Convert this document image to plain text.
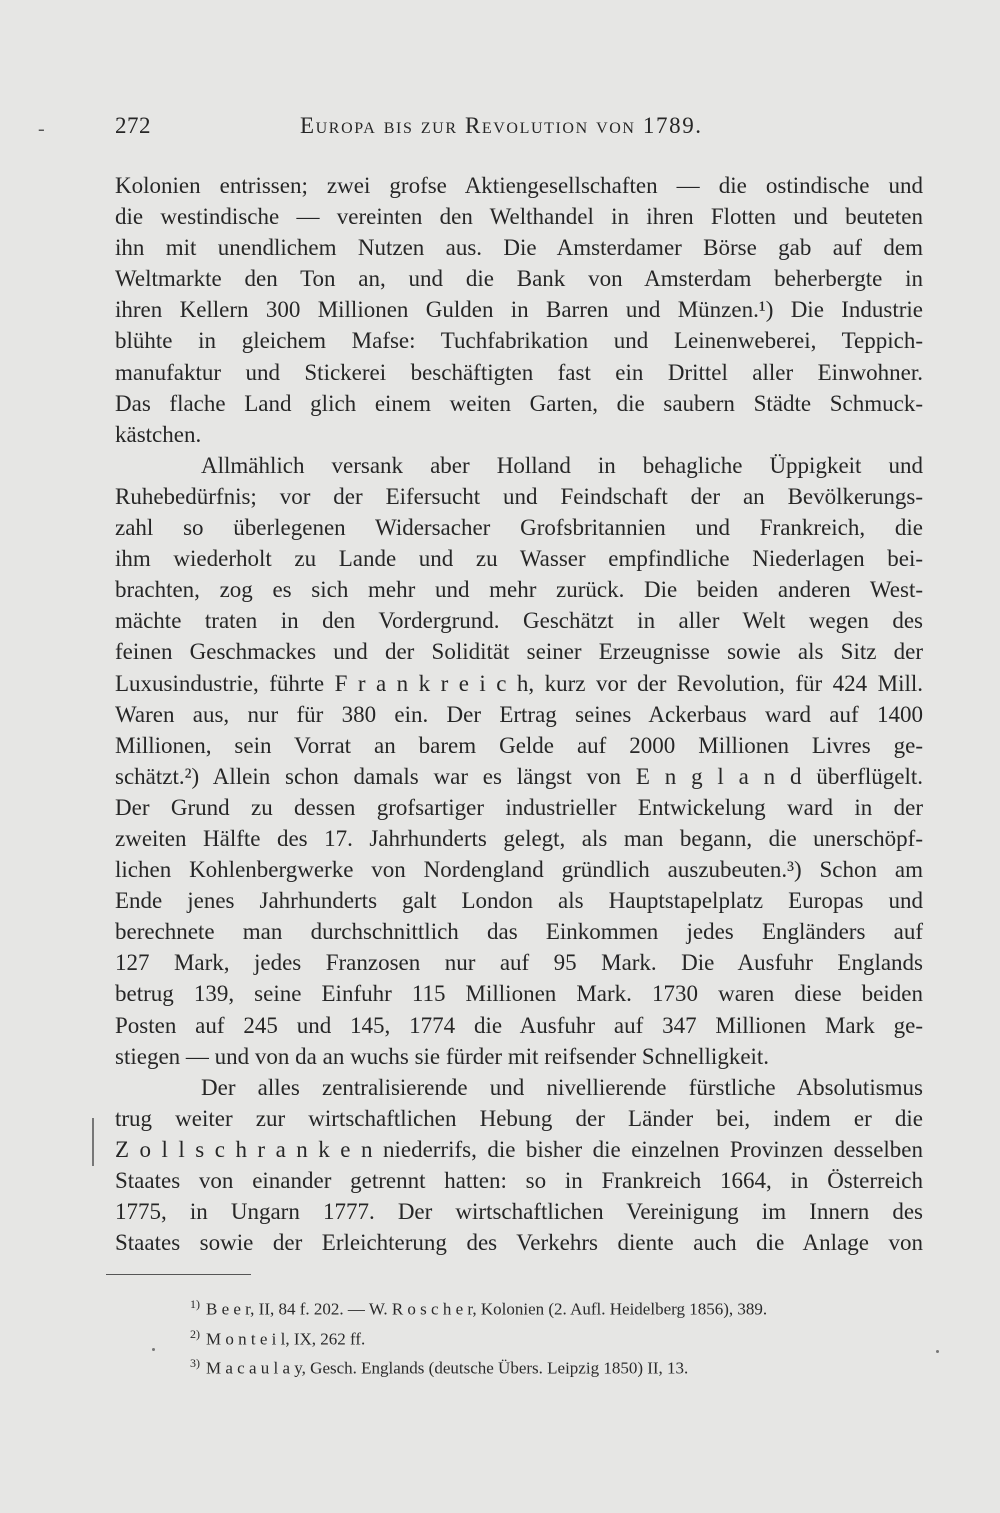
-	272	Europa bis zur Revolution von 1789.
Kolonien entrissen; zwei grofse Aktiengesellschaften — die ostindische und
die westindische — vereinten den Welthandel in ihren Flotten und beuteten
ihn mit unendlichem Nutzen aus. Die Amsterdamer Börse gab auf dem
Weltmarkte den Ton an, und die Bank von Amsterdam beherbergte in
ihren Kellern 300 Millionen Gulden in Barren und Münzen.¹) Die Industrie
blühte in gleichem Mafse: Tuchfabrikation und Leinenweberei, Teppich-
manufaktur und Stickerei beschäftigten fast ein Drittel aller Einwohner.
Das flache Land glich einem weiten Garten, die saubern Städte Schmuck-
kästchen.
Allmählich versank aber Holland in behagliche Üppigkeit und
Ruhebedürfnis; vor der Eifersucht und Feindschaft der an Bevölkerungs-
zahl so überlegenen Widersacher Grofsbritannien und Frankreich, die
ihm wiederholt zu Lande und zu Wasser empfindliche Niederlagen bei-
brachten, zog es sich mehr und mehr zurück. Die beiden anderen West-
mächte traten in den Vordergrund. Geschätzt in aller Welt wegen des
feinen Geschmackes und der Solidität seiner Erzeugnisse sowie als Sitz der
Luxusindustrie, führte F r a n k r e i c h, kurz vor der Revolution, für 424 Mill.
Waren aus, nur für 380 ein. Der Ertrag seines Ackerbaus ward auf 1400
Millionen, sein Vorrat an barem Gelde auf 2000 Millionen Livres ge-
schätzt.²) Allein schon damals war es längst von E n g l a n d überflügelt.
Der Grund zu dessen grofsartiger industrieller Entwickelung ward in der
zweiten Hälfte des 17. Jahrhunderts gelegt, als man begann, die unerschöpf-
lichen Kohlenbergwerke von Nordengland gründlich auszubeuten.³) Schon am
Ende jenes Jahrhunderts galt London als Hauptstapelplatz Europas und
berechnete man durchschnittlich das Einkommen jedes Engländers auf
127 Mark, jedes Franzosen nur auf 95 Mark. Die Ausfuhr Englands
betrug 139, seine Einfuhr 115 Millionen Mark. 1730 waren diese beiden
Posten auf 245 und 145, 1774 die Ausfuhr auf 347 Millionen Mark ge-
stiegen — und von da an wuchs sie fürder mit reifsender Schnelligkeit.
Der alles zentralisierende und nivellierende fürstliche Absolutismus
trug weiter zur wirtschaftlichen Hebung der Länder bei, indem er die
Z o l l s c h r a n k e n niederrifs, die bisher die einzelnen Provinzen desselben
Staates von einander getrennt hatten: so in Frankreich 1664, in Österreich
1775, in Ungarn 1777. Der wirtschaftlichen Vereinigung im Innern des
Staates sowie der Erleichterung des Verkehrs diente auch die Anlage von
$^{1)}$ B e e r, II, 84 f. 202. — W. R o s c h e r, Kolonien (2. Aufl. Heidelberg 1856), 389.
$^{2)}$ M o n t e i l, IX, 262 ff.
$^{3)}$ M a c a u l a y, Gesch. Englands (deutsche Übers. Leipzig 1850) II, 13.
